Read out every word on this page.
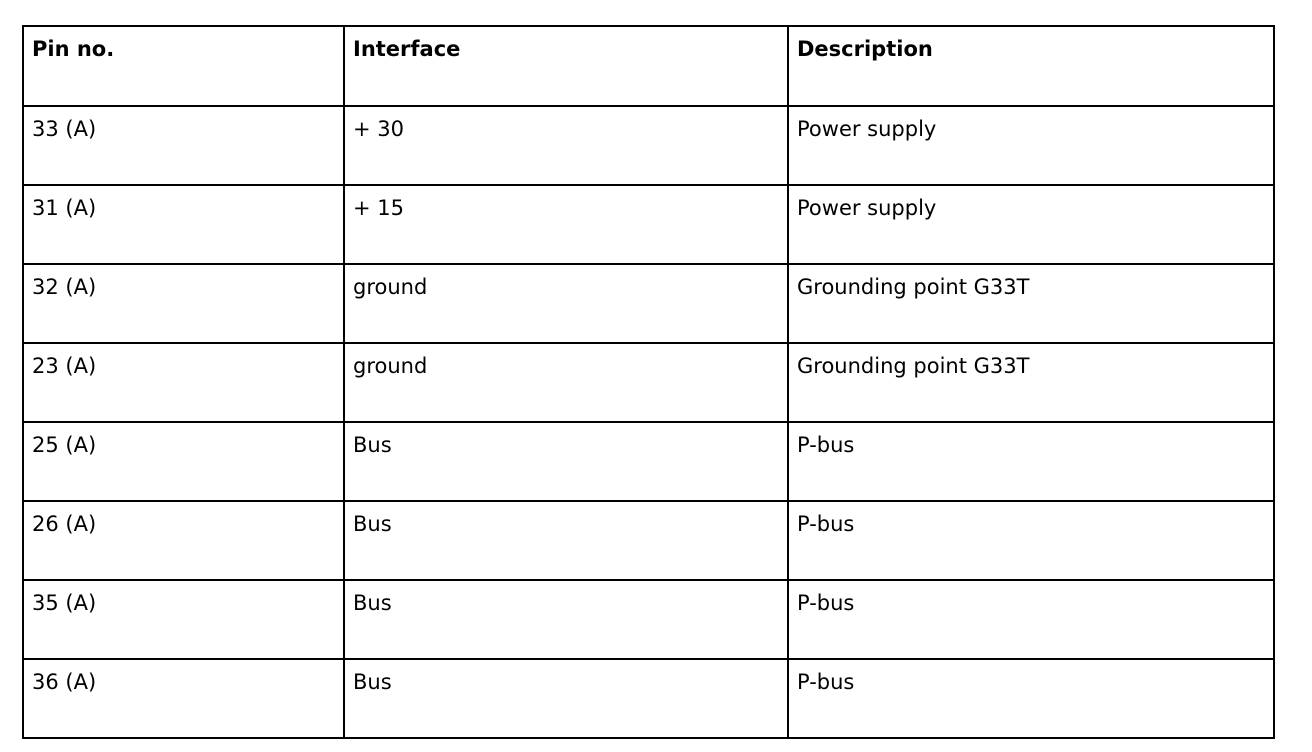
Pin no.	Interface	Description
33 (A)	+ 30	Power supply
31 (A)	+ 15	Power supply
32 (A)	ground	Grounding point G33T
23 (A)	ground	Grounding point G33T
25 (A)	Bus	P-bus
26 (A)	Bus	P-bus
35 (A)	Bus	P-bus
36 (A)	Bus	P-bus
